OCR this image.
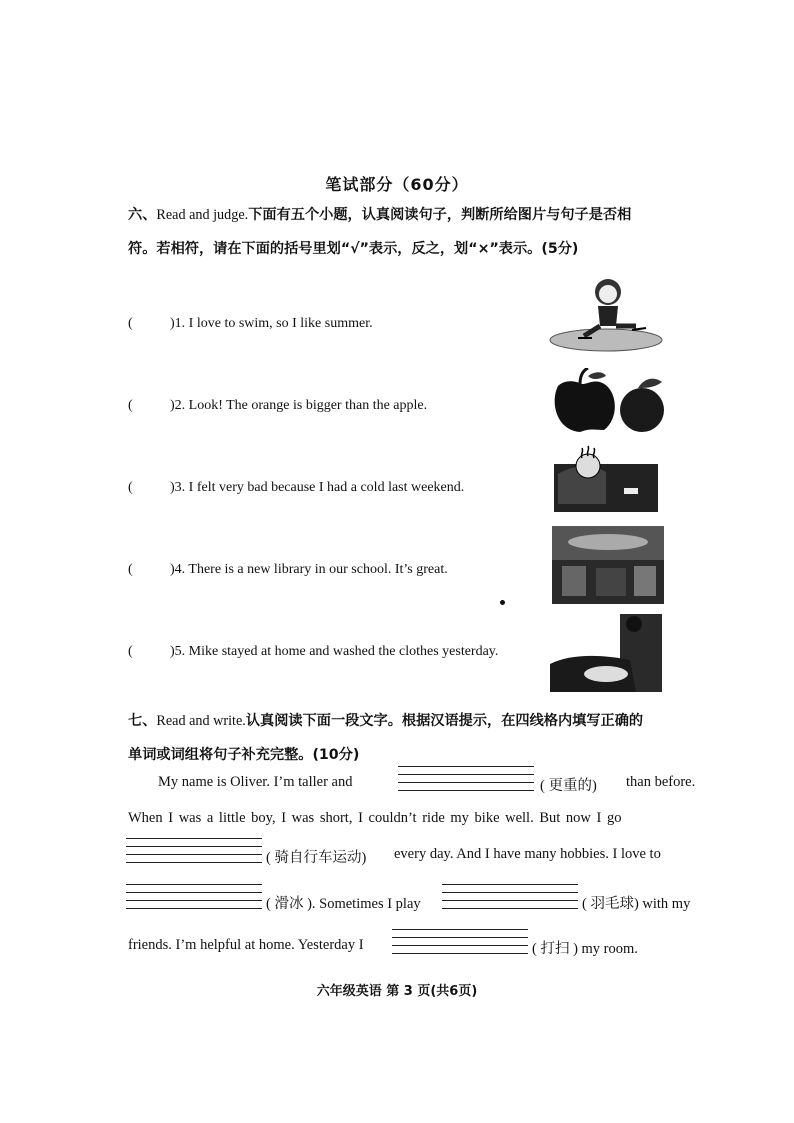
笔试部分（60分）
六、Read and judge.下面有五个小题，认真阅读句子，判断所给图片与句子是否相
符。若相符，请在下面的括号里划“√”表示，反之，划“×”表示。(5分)
(	)1. I love to swim, so I like summer.
(	)2. Look! The orange is bigger than the apple.
(	)3. I felt very bad because I had a cold last weekend.
(	)4. There is a new library in our school. It’s great.
(	)5. Mike stayed at home and washed the clothes yesterday.
七、Read and write.认真阅读下面一段文字。根据汉语提示，在四线格内填写正确的
单词或词组将句子补充完整。(10分)
My name is Oliver. I’m taller and	( 更重的) than before.
When I was a little boy, I was short, I couldn’t ride my bike well. But now I go
( 骑自行车运动) every day. And I have many hobbies. I love to
( 滑冰 ). Sometimes I play	( 羽毛球) with my
friends. I’m helpful at home. Yesterday I	( 打扫 ) my room.
六年级英语 第 3 页(共6页)
